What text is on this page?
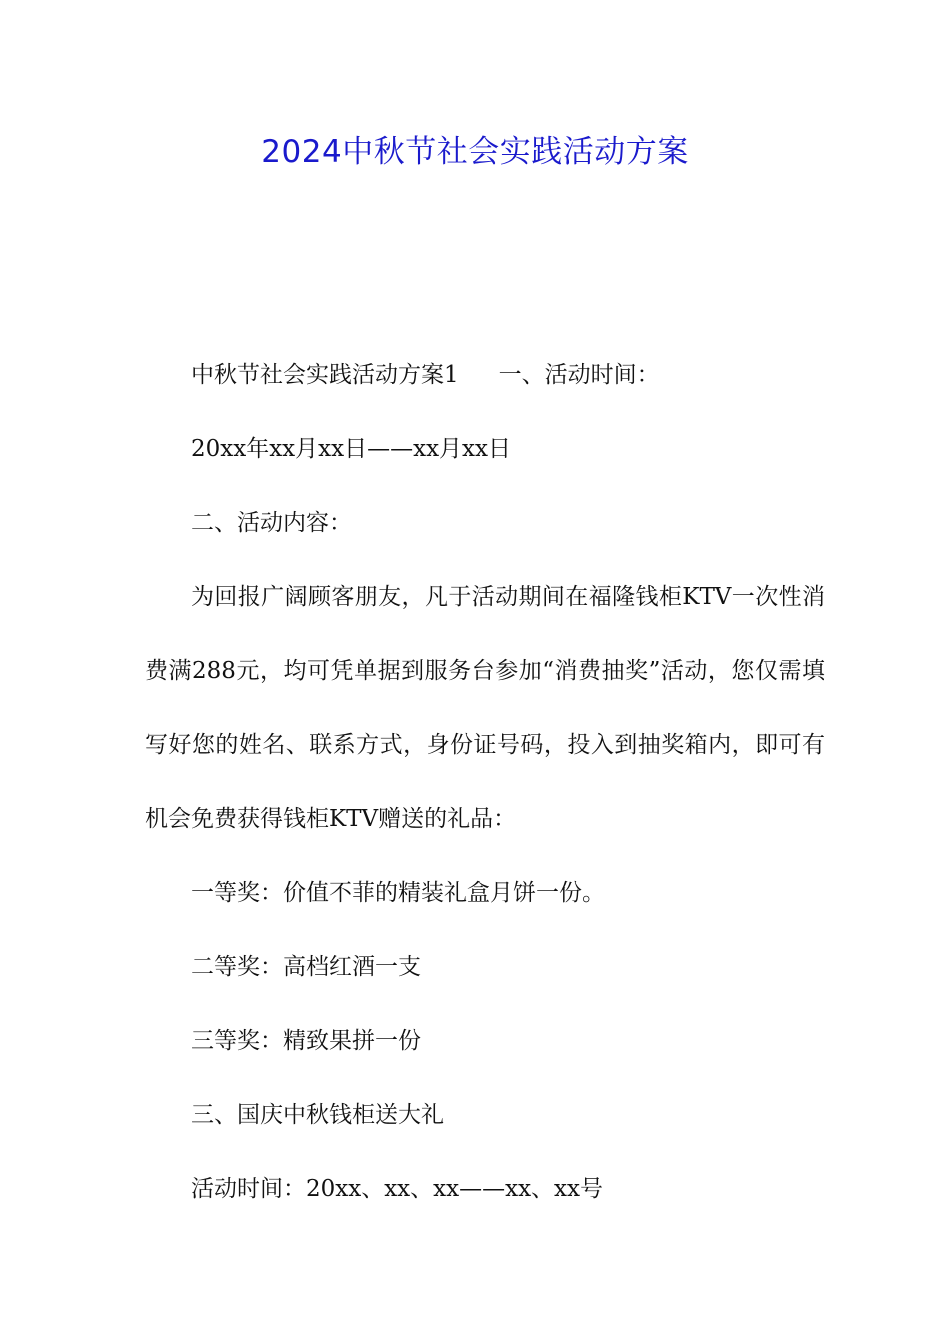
2024中秋节社会实践活动方案

中秋节社会实践活动方案1 一、活动时间：

20xx年xx月xx日——xx月xx日

二、活动内容：

为回报广阔顾客朋友，凡于活动期间在福隆钱柜KTV一次性消费满288元，均可凭单据到服务台参加“消费抽奖”活动，您仅需填写好您的姓名、联系方式，身份证号码，投入到抽奖箱内，即可有机会免费获得钱柜KTV赠送的礼品：

一等奖：价值不菲的精装礼盒月饼一份。

二等奖：高档红酒一支

三等奖：精致果拼一份

三、国庆中秋钱柜送大礼

活动时间：20xx、xx、xx——xx、xx号
